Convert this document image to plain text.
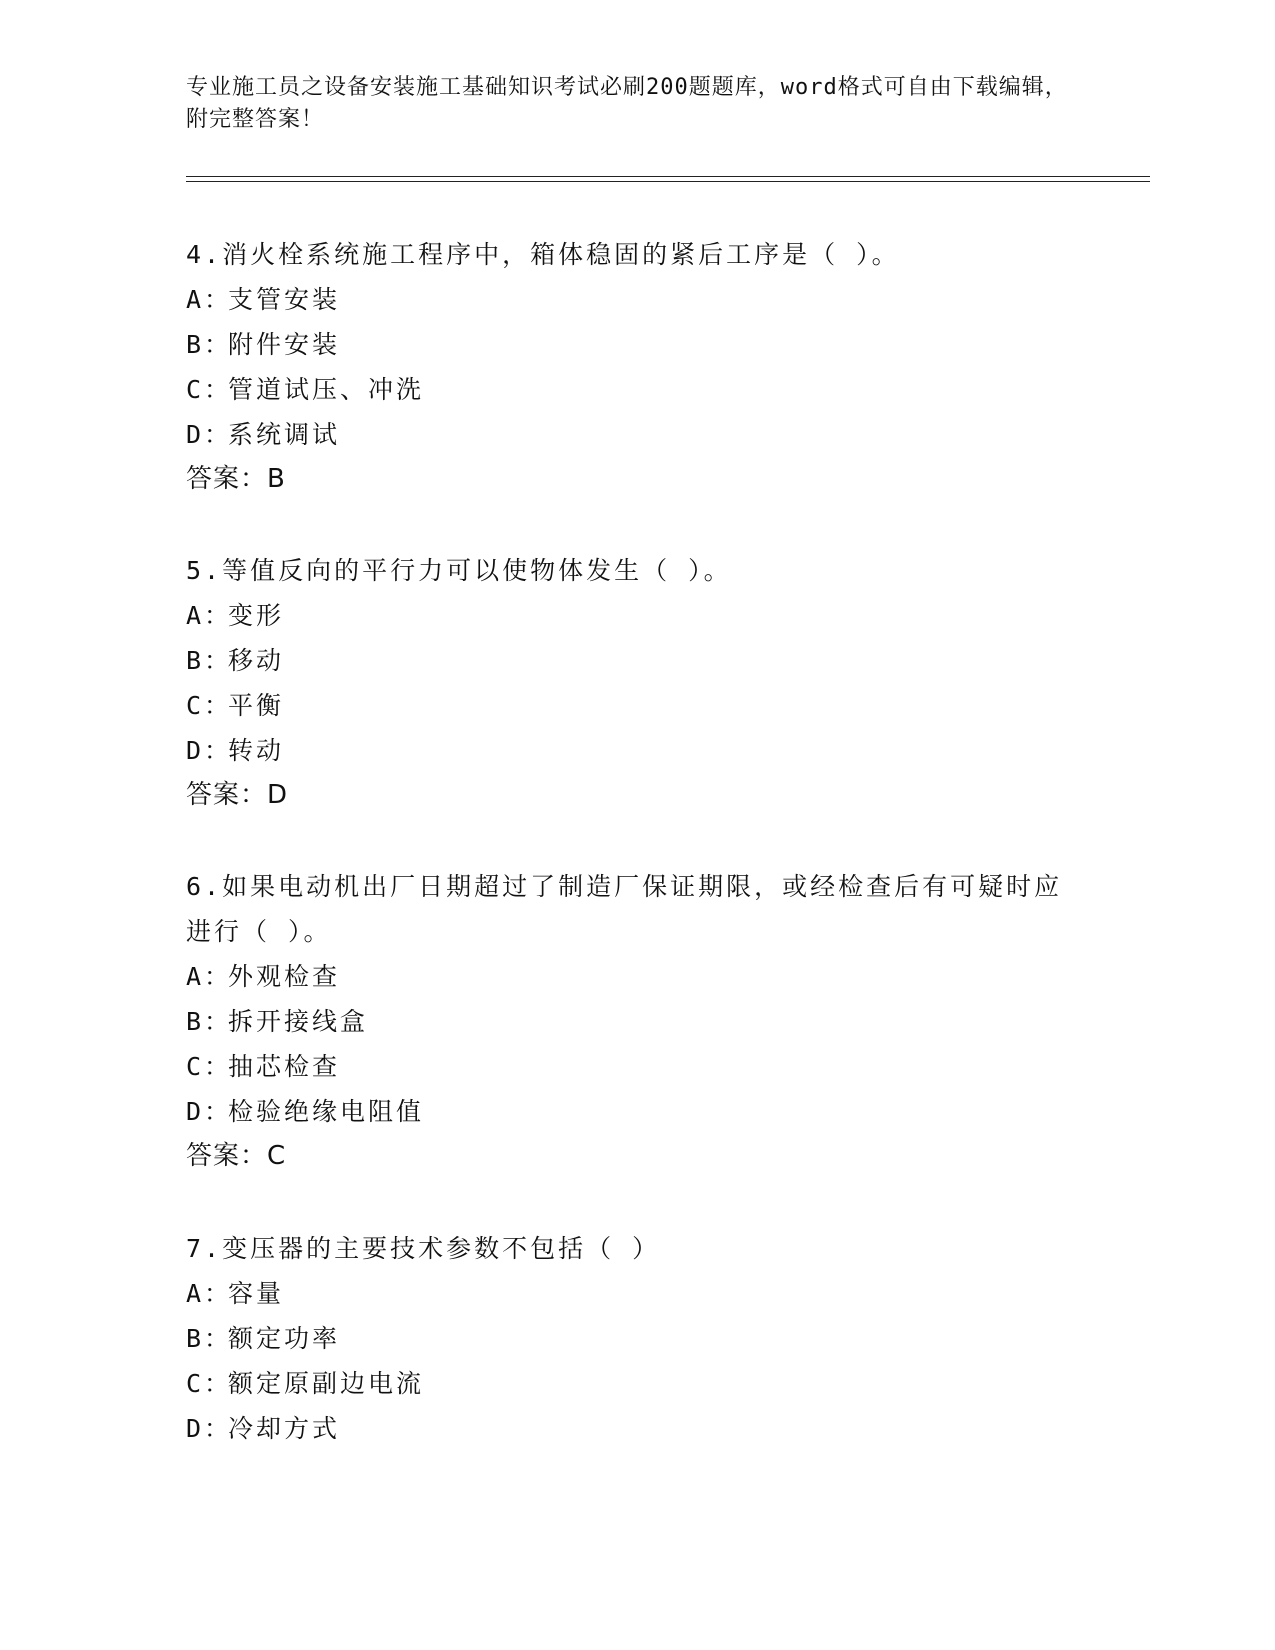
专业施工员之设备安装施工基础知识考试必刷200题题库，word格式可自由下载编辑，附完整答案！
4.消火栓系统施工程序中，箱体稳固的紧后工序是（ ）。
A：支管安装
B：附件安装
C：管道试压、冲洗
D：系统调试
答案：B
5.等值反向的平行力可以使物体发生（ ）。
A：变形
B：移动
C：平衡
D：转动
答案：D
6.如果电动机出厂日期超过了制造厂保证期限，或经检查后有可疑时应进行（ ）。
A：外观检查
B：拆开接线盒
C：抽芯检查
D：检验绝缘电阻值
答案：C
7.变压器的主要技术参数不包括（ ）
A：容量
B：额定功率
C：额定原副边电流
D：冷却方式
